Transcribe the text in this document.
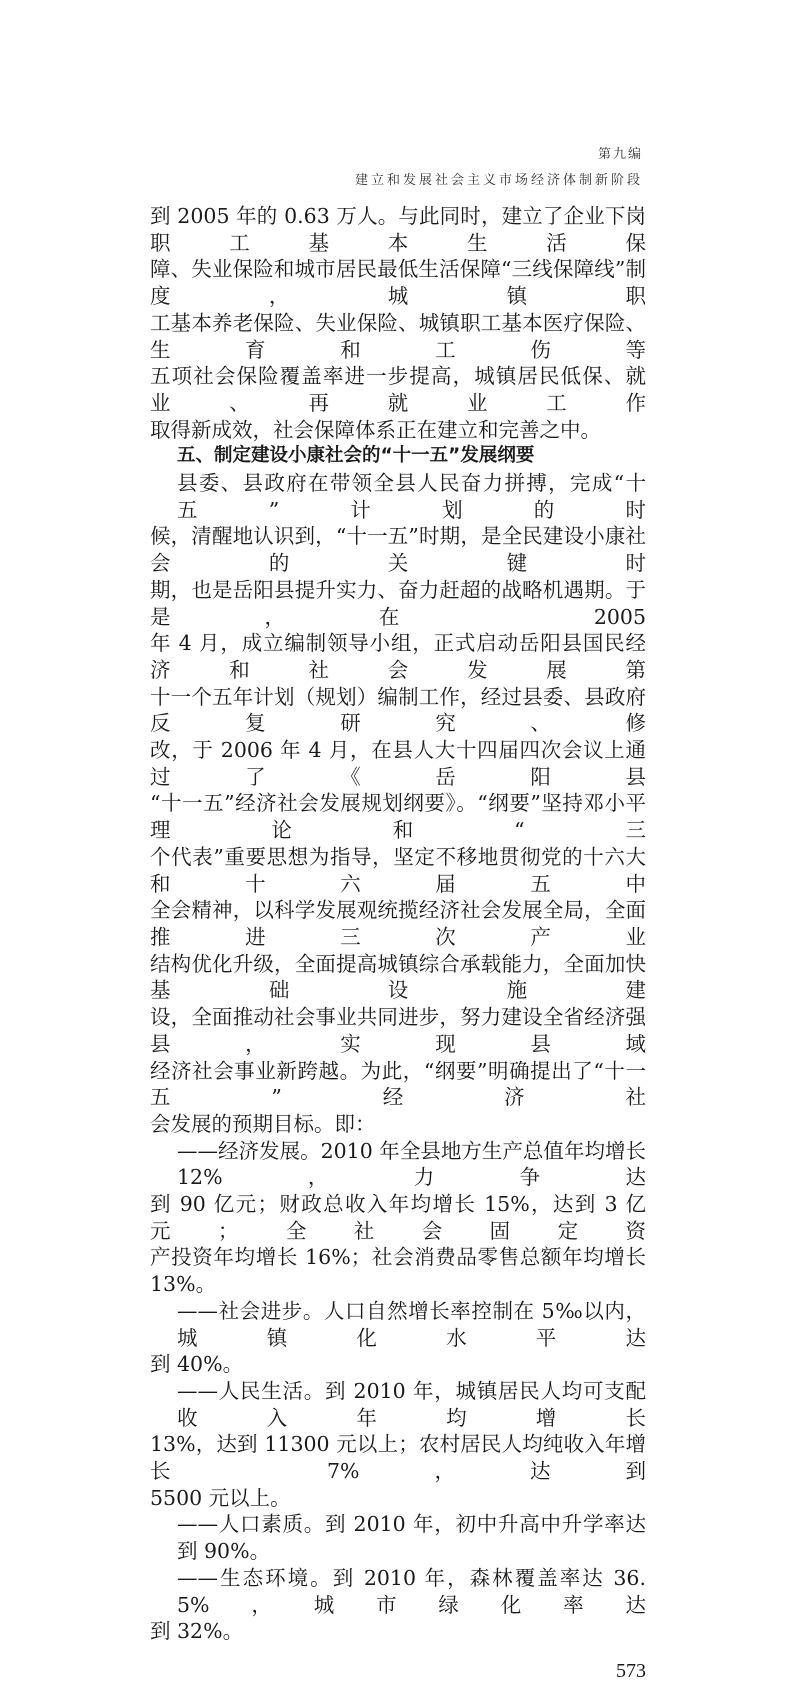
第九编
建立和发展社会主义市场经济体制新阶段
到 2005 年的 0.63 万人。与此同时，建立了企业下岗职工基本生活保
障、失业保险和城市居民最低生活保障“三线保障线”制度，城镇职
工基本养老保险、失业保险、城镇职工基本医疗保险、生育和工伤等
五项社会保险覆盖率进一步提高，城镇居民低保、就业、再就业工作
取得新成效，社会保障体系正在建立和完善之中。
五、制定建设小康社会的“十一五”发展纲要
县委、县政府在带领全县人民奋力拼搏，完成“十五”计划的时
候，清醒地认识到，“十一五”时期，是全民建设小康社会的关键时
期，也是岳阳县提升实力、奋力赶超的战略机遇期。于是，在 2005
年 4 月，成立编制领导小组，正式启动岳阳县国民经济和社会发展第
十一个五年计划（规划）编制工作，经过县委、县政府反复研究、修
改，于 2006 年 4 月，在县人大十四届四次会议上通过了《岳阳县
“十一五”经济社会发展规划纲要》。“纲要”坚持邓小平理论和“三
个代表”重要思想为指导，坚定不移地贯彻党的十六大和十六届五中
全会精神，以科学发展观统揽经济社会发展全局，全面推进三次产业
结构优化升级，全面提高城镇综合承载能力，全面加快基础设施建
设，全面推动社会事业共同进步，努力建设全省经济强县，实现县域
经济社会事业新跨越。为此，“纲要”明确提出了“十一五”经济社
会发展的预期目标。即：
——经济发展。2010 年全县地方生产总值年均增长 12%，力争达
到 90 亿元；财政总收入年均增长 15%，达到 3 亿元；全社会固定资
产投资年均增长 16%；社会消费品零售总额年均增长 13%。
——社会进步。人口自然增长率控制在 5‰以内，城镇化水平达
到 40%。
——人民生活。到 2010 年，城镇居民人均可支配收入年均增长
13%，达到 11300 元以上；农村居民人均纯收入年增长 7%，达到
5500 元以上。
——人口素质。到 2010 年，初中升高中升学率达到 90%。
——生态环境。到 2010 年，森林覆盖率达 36.5%，城市绿化率达
到 32%。
573
